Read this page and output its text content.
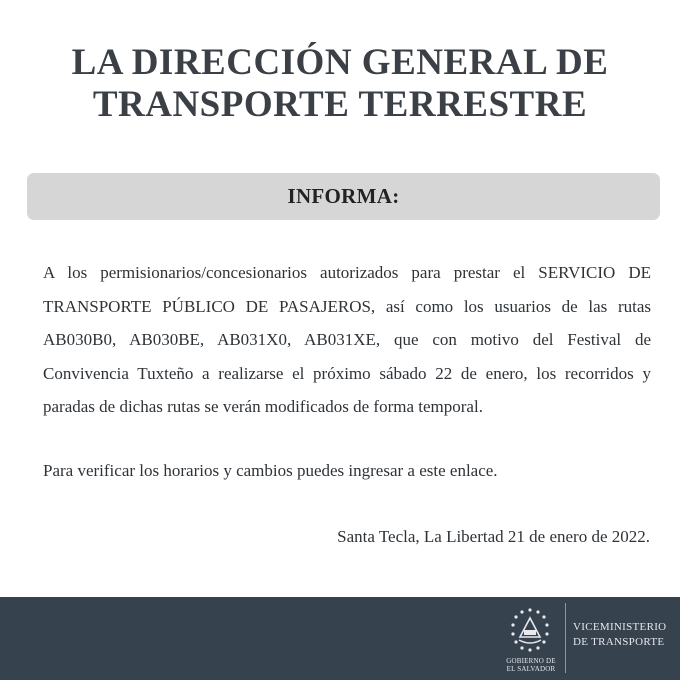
LA DIRECCIÓN GENERAL DE
TRANSPORTE TERRESTRE
INFORMA:
A los permisionarios/concesionarios autorizados para prestar el SERVICIO DE TRANSPORTE PÚBLICO DE PASAJEROS, así como los usuarios de las rutas AB030B0, AB030BE, AB031X0, AB031XE, que con motivo del Festival de Convivencia Tuxteño a realizarse el próximo sábado 22 de enero, los recorridos y paradas de dichas rutas se verán modificados de forma temporal.
Para verificar los horarios y cambios puedes ingresar a este enlace.
Santa Tecla, La Libertad 21 de enero de 2022.
GOBIERNO DE
EL SALVADOR
VICEMINISTERIO
DE TRANSPORTE
